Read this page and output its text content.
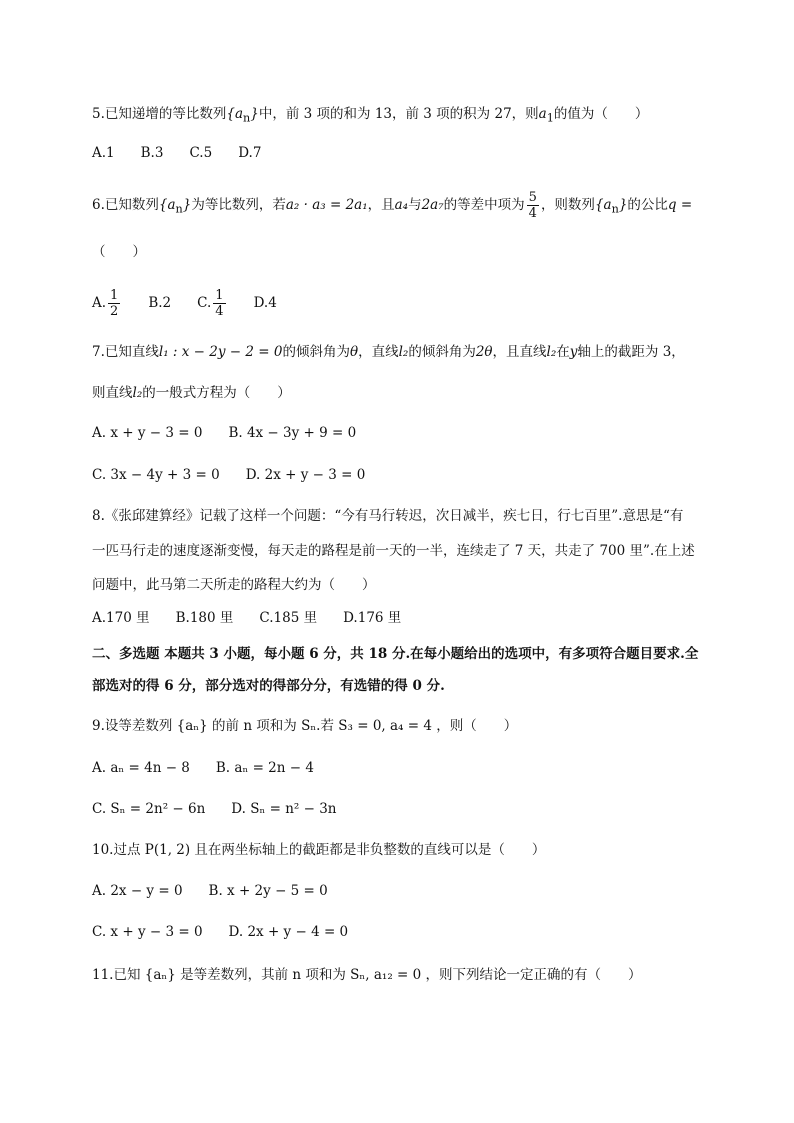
5.已知递增的等比数列$\{a_n\}$中，前 3 项的和为 13，前 3 项的积为 27，则$a_1$的值为（　　）
A.1 B.3 C.5 D.7
6.已知数列$\{a_n\}$为等比数列，若a₂ · a₃ = 2a₁，且a₄与2a₇的等差中项为 $\frac{5}{4}$ ，则数列$\{a_n\}$的公比q =
（　　）
A. $\frac{1}{2} B.2$ C. $\frac{1}{4} D.4$
7.已知直线l₁ : x − 2y − 2 = 0的倾斜角为θ，直线l₂的倾斜角为2θ，且直线l₂在y轴上的截距为 3，
则直线l₂的一般式方程为（　　）
A. x + y − 3 = 0 B. 4x − 3y + 9 = 0
C. 3x − 4y + 3 = 0 D. 2x + y − 3 = 0
8.《张邱建算经》记载了这样一个问题：“今有马行转迟，次日减半，疾七日，行七百里”.意思是“有
一匹马行走的速度逐渐变慢，每天走的路程是前一天的一半，连续走了 7 天，共走了 700 里”.在上述
问题中，此马第二天所走的路程大约为（　　）
A.170 里 B.180 里 C.185 里 D.176 里
二、多选题 本题共 3 小题，每小题 6 分，共 18 分.在每小题给出的选项中，有多项符合题目要求.全
部选对的得 6 分，部分选对的得部分分，有选错的得 0 分.
9.设等差数列 {aₙ} 的前 n 项和为 Sₙ.若 S₃ = 0, a₄ = 4 ，则（　　）
A. aₙ = 4n − 8 B. aₙ = 2n − 4
C. Sₙ = 2n² − 6n D. Sₙ = n² − 3n
10.过点 P(1, 2) 且在两坐标轴上的截距都是非负整数的直线可以是（　　）
A. 2x − y = 0 B. x + 2y − 5 = 0
C. x + y − 3 = 0 D. 2x + y − 4 = 0
11.已知 {aₙ} 是等差数列，其前 n 项和为 Sₙ, a₁₂ = 0 ，则下列结论一定正确的有（　　）
